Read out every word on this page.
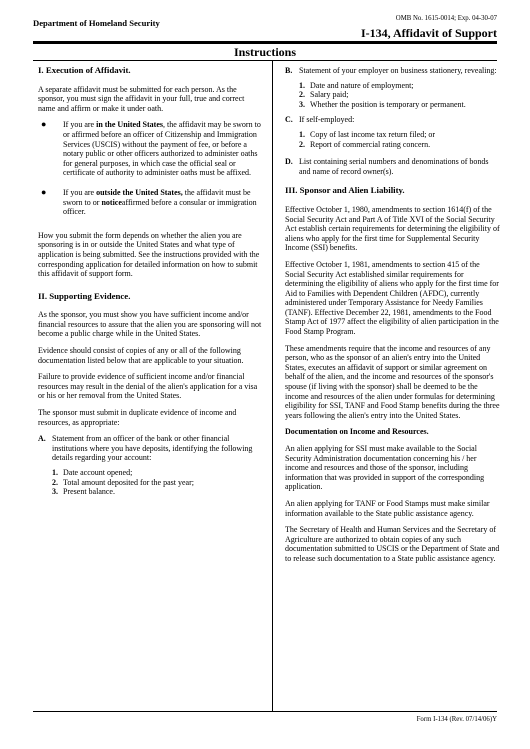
Department of Homeland Security	OMB No. 1615-0014; Exp. 04-30-07
I-134, Affidavit of Support
Instructions
I. Execution of Affidavit.

A separate affidavit must be submitted for each person. As the sponsor, you must sign the affidavit in your full, true and correct name and affirm or make it under oath.

● If you are in the United States, the affidavit may be sworn to or affirmed before an officer of Citizenship and Immigration Services (USCIS) without the payment of fee, or before a notary public or other officers authorized to administer oaths for general purposes, in which case the official seal or certificate of authority to administer oaths must be affixed.
● If you are outside the United States, the affidavit must be sworn to or noticeaffirmed before a consular or immigration officer.

How you submit the form depends on whether the alien you are sponsoring is in or outside the United States and what type of application is being submitted. See the instructions provided with the corresponding application for detailed information on how to submit this affidavit of support form.

II. Supporting Evidence.

As the sponsor, you must show you have sufficient income and/or financial resources to assure that the alien you are sponsoring will not become a public charge while in the United States.

Evidence should consist of copies of any or all of the following documentation listed below that are applicable to your situation.

Failure to provide evidence of sufficient income and/or financial resources may result in the denial of the alien's application for a visa or his or her removal from the United States.

The sponsor must submit in duplicate evidence of income and resources, as appropriate:

A. Statement from an officer of the bank or other financial institutions where you have deposits, identifying the following details regarding your account:
1. Date account opened;
2. Total amount deposited for the past year;
3. Present balance.
B. Statement of your employer on business stationery, revealing:
1. Date and nature of employment;
2. Salary paid;
3. Whether the position is temporary or permanent.
C. If self-employed:
1. Copy of last income tax return filed; or
2. Report of commercial rating concern.
D. List containing serial numbers and denominations of bonds and name of record owner(s).
III. Sponsor and Alien Liability.

Effective October 1, 1980, amendments to section 1614(f) of the Social Security Act and Part A of Title XVI of the Social Security Act establish certain requirements for determining the eligibility of aliens who apply for the first time for Supplemental Security Income (SSI) benefits.

Effective October 1, 1981, amendments to section 415 of the Social Security Act established similar requirements for determining the eligibility of aliens who apply for the first time for Aid to Families with Dependent Children (AFDC), currently administered under Temporary Assistance for Needy Families (TANF). Effective December 22, 1981, amendments to the Food Stamp Act of 1977 affect the eligibility of alien participation in the Food Stamp Program.

These amendments require that the income and resources of any person, who as the sponsor of an alien's entry into the United States, executes an affidavit of support or similar agreement on behalf of the alien, and the income and resources of the sponsor's spouse (if living with the sponsor) shall be deemed to be the income and resources of the alien under formulas for determining eligibility for SSI, TANF and Food Stamp benefits during the three years following the alien's entry into the United States.

Documentation on Income and Resources.

An alien applying for SSI must make available to the Social Security Administration documentation concerning his / her income and resources and those of the sponsor, including information that was provided in support of the corresponding application.

An alien applying for TANF or Food Stamps must make similar information available to the State public assistance agency.

The Secretary of Health and Human Services and the Secretary of Agriculture are authorized to obtain copies of any such documentation submitted to USCIS or the Department of State and to release such documentation to a State public assistance agency.

Form I-134 (Rev. 07/14/06)Y
